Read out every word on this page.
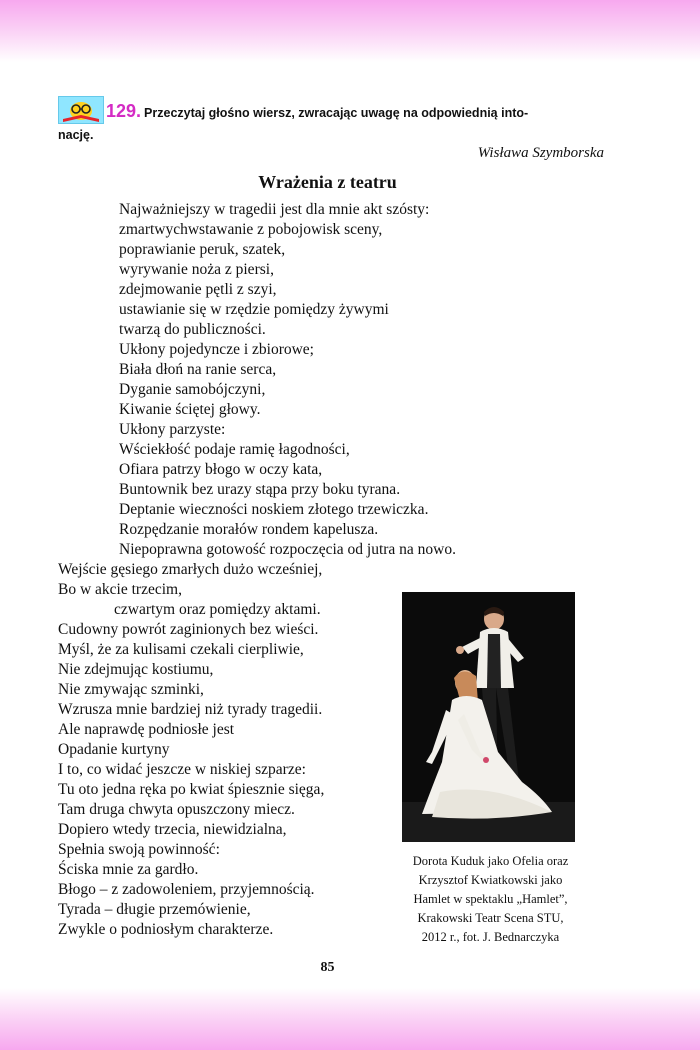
129. Przeczytaj głośno wiersz, zwracając uwagę na odpowiednią into-
nację.
Wisława Szymborska
Wrażenia z teatru
Najważniejszy w tragedii jest dla mnie akt szósty:
zmartwychwstawanie z pobojowisk sceny,
poprawianie peruk, szatek,
wyrywanie noża z piersi,
zdejmowanie pętli z szyi,
ustawianie się w rzędzie pomiędzy żywymi
twarzą do publiczności.
Ukłony pojedyncze i zbiorowe;
Biała dłoń na ranie serca,
Dyganie samobójczyni,
Kiwanie ściętej głowy.
Ukłony parzyste:
Wściekłość podaje ramię łagodności,
Ofiara patrzy błogo w oczy kata,
Buntownik bez urazy stąpa przy boku tyrana.
Deptanie wieczności noskiem złotego trzewiczka.
Rozpędzanie morałów rondem kapelusza.
Niepoprawna gotowość rozpoczęcia od jutra na nowo.
Wejście gęsiego zmarłych dużo wcześniej,
Bo w akcie trzecim,
czwartym oraz pomiędzy aktami.
Cudowny powrót zaginionych bez wieści.
Myśl, że za kulisami czekali cierpliwie,
Nie zdejmując kostiumu,
Nie zmywając szminki,
Wzrusza mnie bardziej niż tyrady tragedii.
Ale naprawdę podniosłe jest
Opadanie kurtyny
I to, co widać jeszcze w niskiej szparze:
Tu oto jedna ręka po kwiat śpiesznie sięga,
Tam druga chwyta opuszczony miecz.
Dopiero wtedy trzecia, niewidzialna,
Spełnia swoją powinność:
Ściska mnie za gardło.
Błogo – z zadowoleniem, przyjemnością.
Tyrada – długie przemówienie,
Zwykle o podniosłym charakterze.
Dorota Kuduk jako Ofelia oraz
Krzysztof Kwiatkowski jako
Hamlet w spektaklu „Hamlet”,
Krakowski Teatr Scena STU,
2012 r., fot. J. Bednarczyka
85
